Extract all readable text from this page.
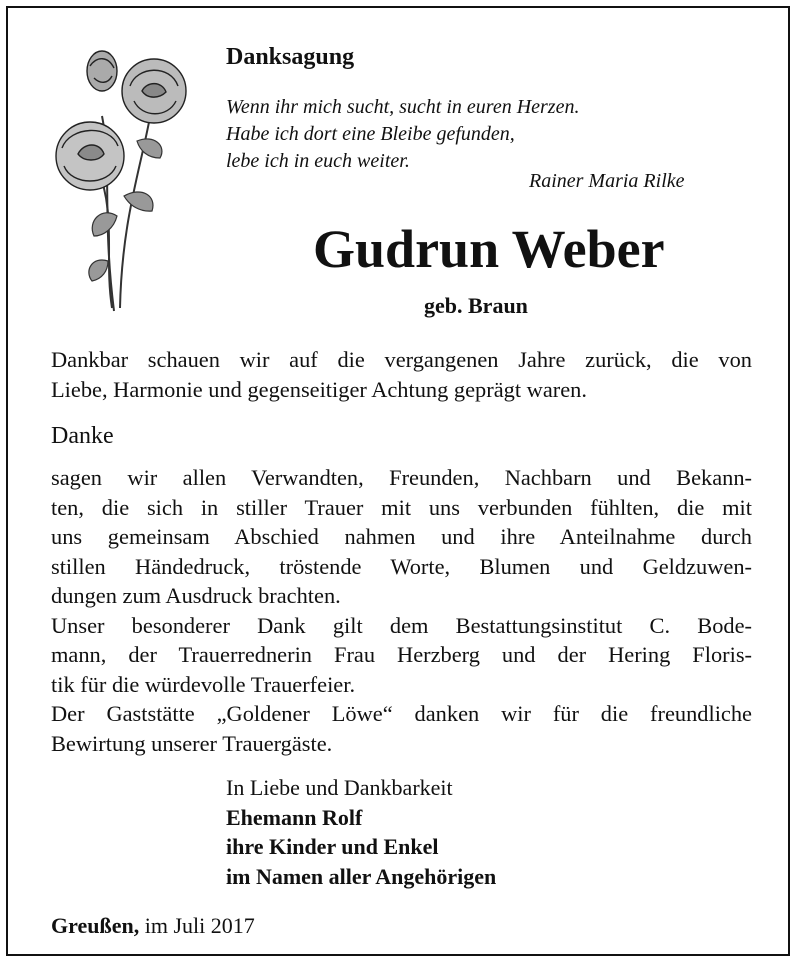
Danksagung
Wenn ihr mich sucht, sucht in euren Herzen.
Habe ich dort eine Bleibe gefunden,
lebe ich in euch weiter.
Rainer Maria Rilke
Gudrun Weber
geb. Braun
Dankbar schauen wir auf die vergangenen Jahre zurück, die von
Liebe, Harmonie und gegenseitiger Achtung geprägt waren.
Danke
sagen wir allen Verwandten, Freunden, Nachbarn und Bekann-
ten, die sich in stiller Trauer mit uns verbunden fühlten, die mit
uns gemeinsam Abschied nahmen und ihre Anteilnahme durch
stillen Händedruck, tröstende Worte, Blumen und Geldzuwen-
dungen zum Ausdruck brachten.
Unser besonderer Dank gilt dem Bestattungsinstitut C. Bode-
mann, der Trauerrednerin Frau Herzberg und der Hering Floris-
tik für die würdevolle Trauerfeier.
Der Gaststätte „Goldener Löwe“ danken wir für die freundliche
Bewirtung unserer Trauergäste.
In Liebe und Dankbarkeit
Ehemann Rolf
ihre Kinder und Enkel
im Namen aller Angehörigen
Greußen, im Juli 2017
